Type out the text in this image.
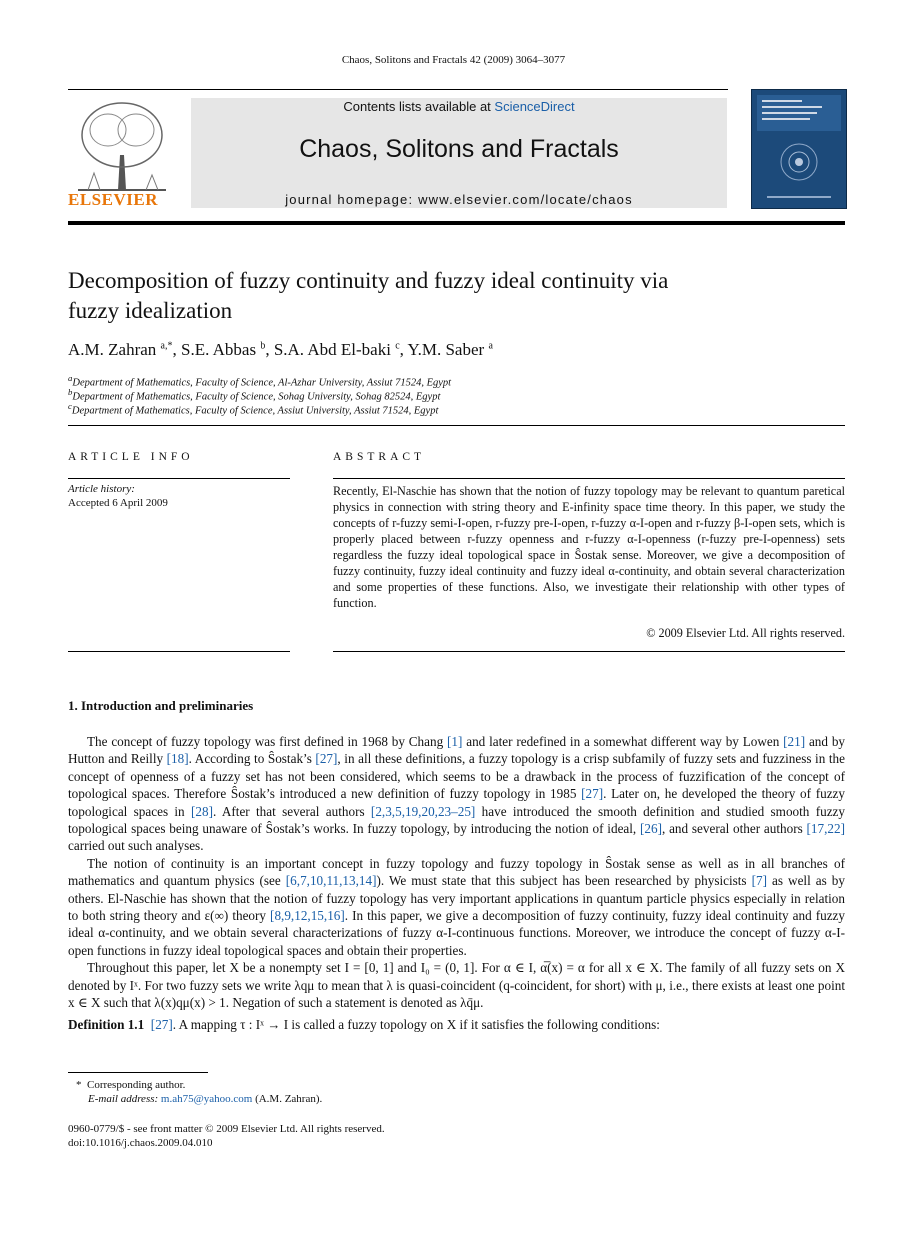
Chaos, Solitons and Fractals 42 (2009) 3064–3077
ELSEVIER
Contents lists available at ScienceDirect
Chaos, Solitons and Fractals
journal homepage: www.elsevier.com/locate/chaos
Decomposition of fuzzy continuity and fuzzy ideal continuity via
fuzzy idealization
A.M. Zahran $^{a,*}$, S.E. Abbas $^b$, S.A. Abd El-baki $^c$, Y.M. Saber $^a$
$^a$Department of Mathematics, Faculty of Science, Al-Azhar University, Assiut 71524, Egypt
$^b$Department of Mathematics, Faculty of Science, Sohag University, Sohag 82524, Egypt
$^c$Department of Mathematics, Faculty of Science, Assiut University, Assiut 71524, Egypt
ARTICLE INFO
Article history:
Accepted 6 April 2009
ABSTRACT
Recently, El-Naschie has shown that the notion of fuzzy topology may be relevant to quantum paretical physics in connection with string theory and E-infinity space time theory. In this paper, we study the concepts of r-fuzzy semi-I-open, r-fuzzy pre-I-open, r-fuzzy α-I-open and r-fuzzy β-I-open sets, which is properly placed between r-fuzzy openness and r-fuzzy α-I-openness (r-fuzzy pre-I-openness) sets regardless the fuzzy ideal topological space in Ŝostak sense. Moreover, we give a decomposition of fuzzy continuity, fuzzy ideal continuity and fuzzy ideal α-continuity, and obtain several characterization and some properties of these functions. Also, we investigate their relationship with other types of function.
© 2009 Elsevier Ltd. All rights reserved.
1. Introduction and preliminaries

The concept of fuzzy topology was first defined in 1968 by Chang [1] and later redefined in a somewhat different way by Lowen [21] and by Hutton and Reilly [18]. According to Ŝostak’s [27], in all these definitions, a fuzzy topology is a crisp subfamily of fuzzy sets and fuzziness in the concept of openness of a fuzzy set has not been considered, which seems to be a drawback in the process of fuzzification of the concept of topological spaces. Therefore Ŝostak’s introduced a new definition of fuzzy topology in 1985 [27]. Later on, he developed the theory of fuzzy topological spaces in [28]. After that several authors [2,3,5,19,20,23–25] have introduced the smooth definition and studied smooth fuzzy topological spaces being unaware of Ŝostak’s works. In fuzzy topology, by introducing the notion of ideal, [26], and several other authors [17,22] carried out such analyses.

The notion of continuity is an important concept in fuzzy topology and fuzzy topology in Ŝostak sense as well as in all branches of mathematics and quantum physics (see [6,7,10,11,13,14]). We must state that this subject has been researched by physicists [7] as well as by others. El-Naschie has shown that the notion of fuzzy topology has very important applications in quantum particle physics especially in relation to both string theory and ε(∞) theory [8,9,12,15,16]. In this paper, we give a decomposition of fuzzy continuity, fuzzy ideal continuity and fuzzy ideal α-continuity, and we obtain several characterizations of fuzzy α-I-continuous functions. Moreover, we introduce the concept of fuzzy α-I-open functions in fuzzy ideal topological spaces and obtain their properties.

Throughout this paper, let X be a nonempty set I = [0, 1] and I₀ = (0, 1]. For α ∈ I, α̅(x) = α for all x ∈ X. The family of all fuzzy sets on X denoted by Iˣ. For two fuzzy sets we write λqμ to mean that λ is quasi-coincident (q-coincident, for short) with μ, i.e., there exists at least one point x ∈ X such that λ(x)qμ(x) > 1. Negation of such a statement is denoted as λq̄μ.

Definition 1.1 [27]. A mapping τ : Iˣ → I is called a fuzzy topology on X if it satisfies the following conditions:

*  Corresponding author.
E-mail address: m.ah75@yahoo.com (A.M. Zahran).
0960-0779/$ - see front matter © 2009 Elsevier Ltd. All rights reserved.
doi:10.1016/j.chaos.2009.04.010
